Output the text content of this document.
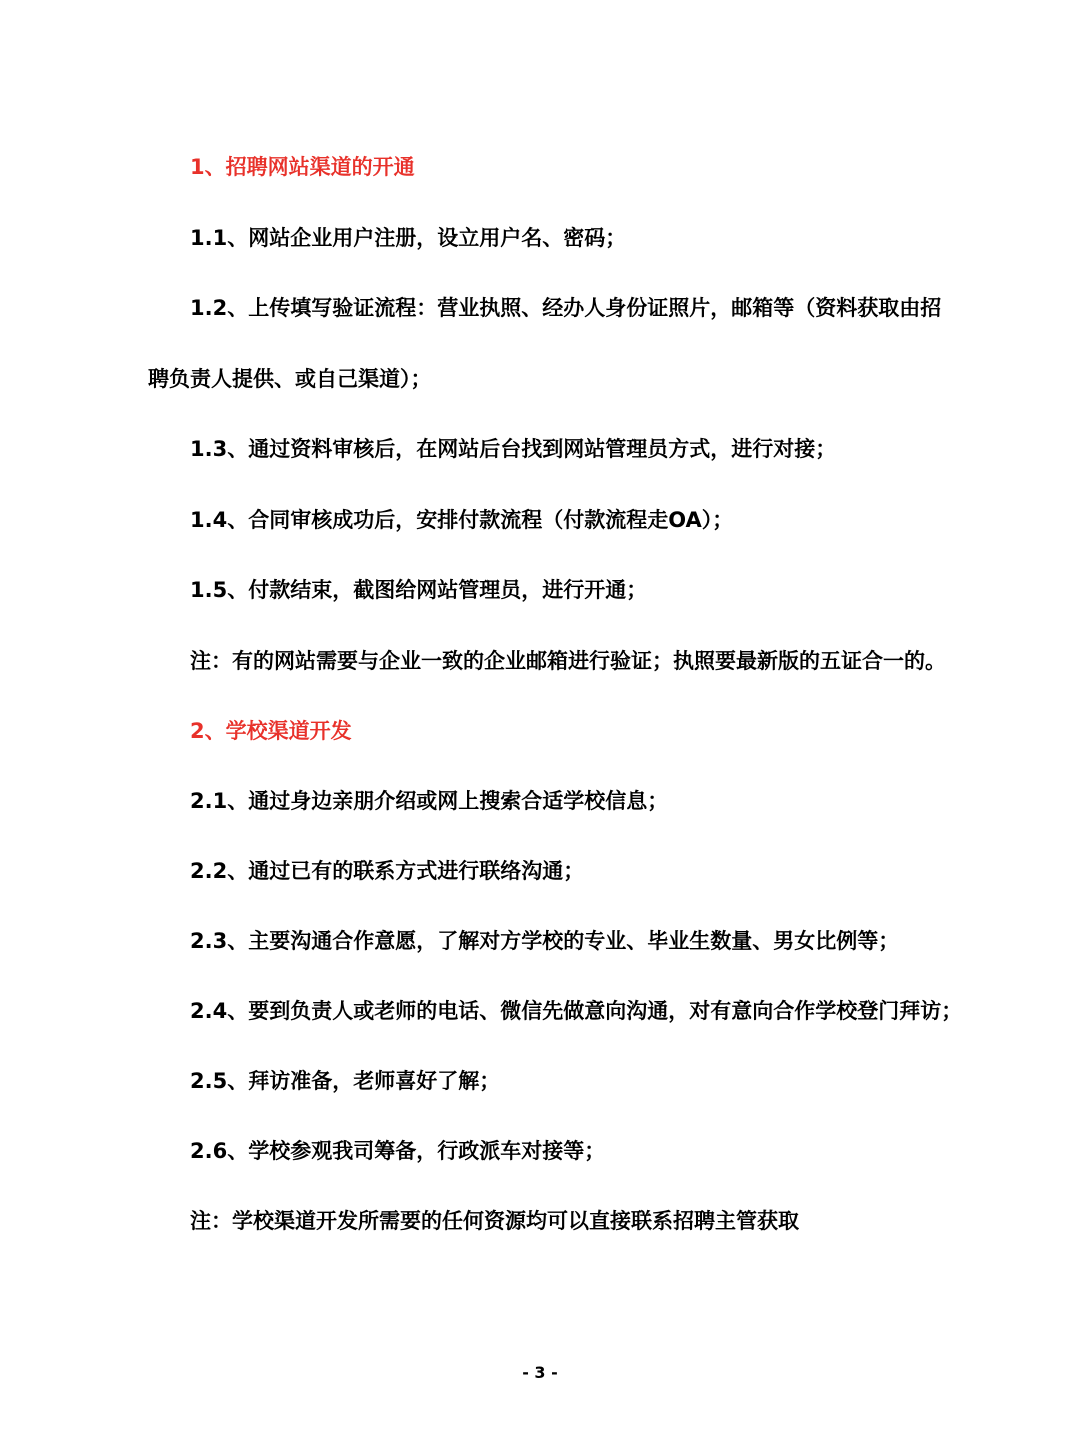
1、招聘网站渠道的开通
1.1、网站企业用户注册，设立用户名、密码；
1.2、上传填写验证流程：营业执照、经办人身份证照片，邮箱等（资料获取由招
聘负责人提供、或自己渠道）；
1.3、通过资料审核后，在网站后台找到网站管理员方式，进行对接；
1.4、合同审核成功后，安排付款流程（付款流程走OA）；
1.5、付款结束，截图给网站管理员，进行开通；
注：有的网站需要与企业一致的企业邮箱进行验证；执照要最新版的五证合一的。
2、学校渠道开发
2.1、通过身边亲朋介绍或网上搜索合适学校信息；
2.2、通过已有的联系方式进行联络沟通；
2.3、主要沟通合作意愿，了解对方学校的专业、毕业生数量、男女比例等；
2.4、要到负责人或老师的电话、微信先做意向沟通，对有意向合作学校登门拜访；
2.5、拜访准备，老师喜好了解；
2.6、学校参观我司筹备，行政派车对接等；
注：学校渠道开发所需要的任何资源均可以直接联系招聘主管获取
- 3 -
